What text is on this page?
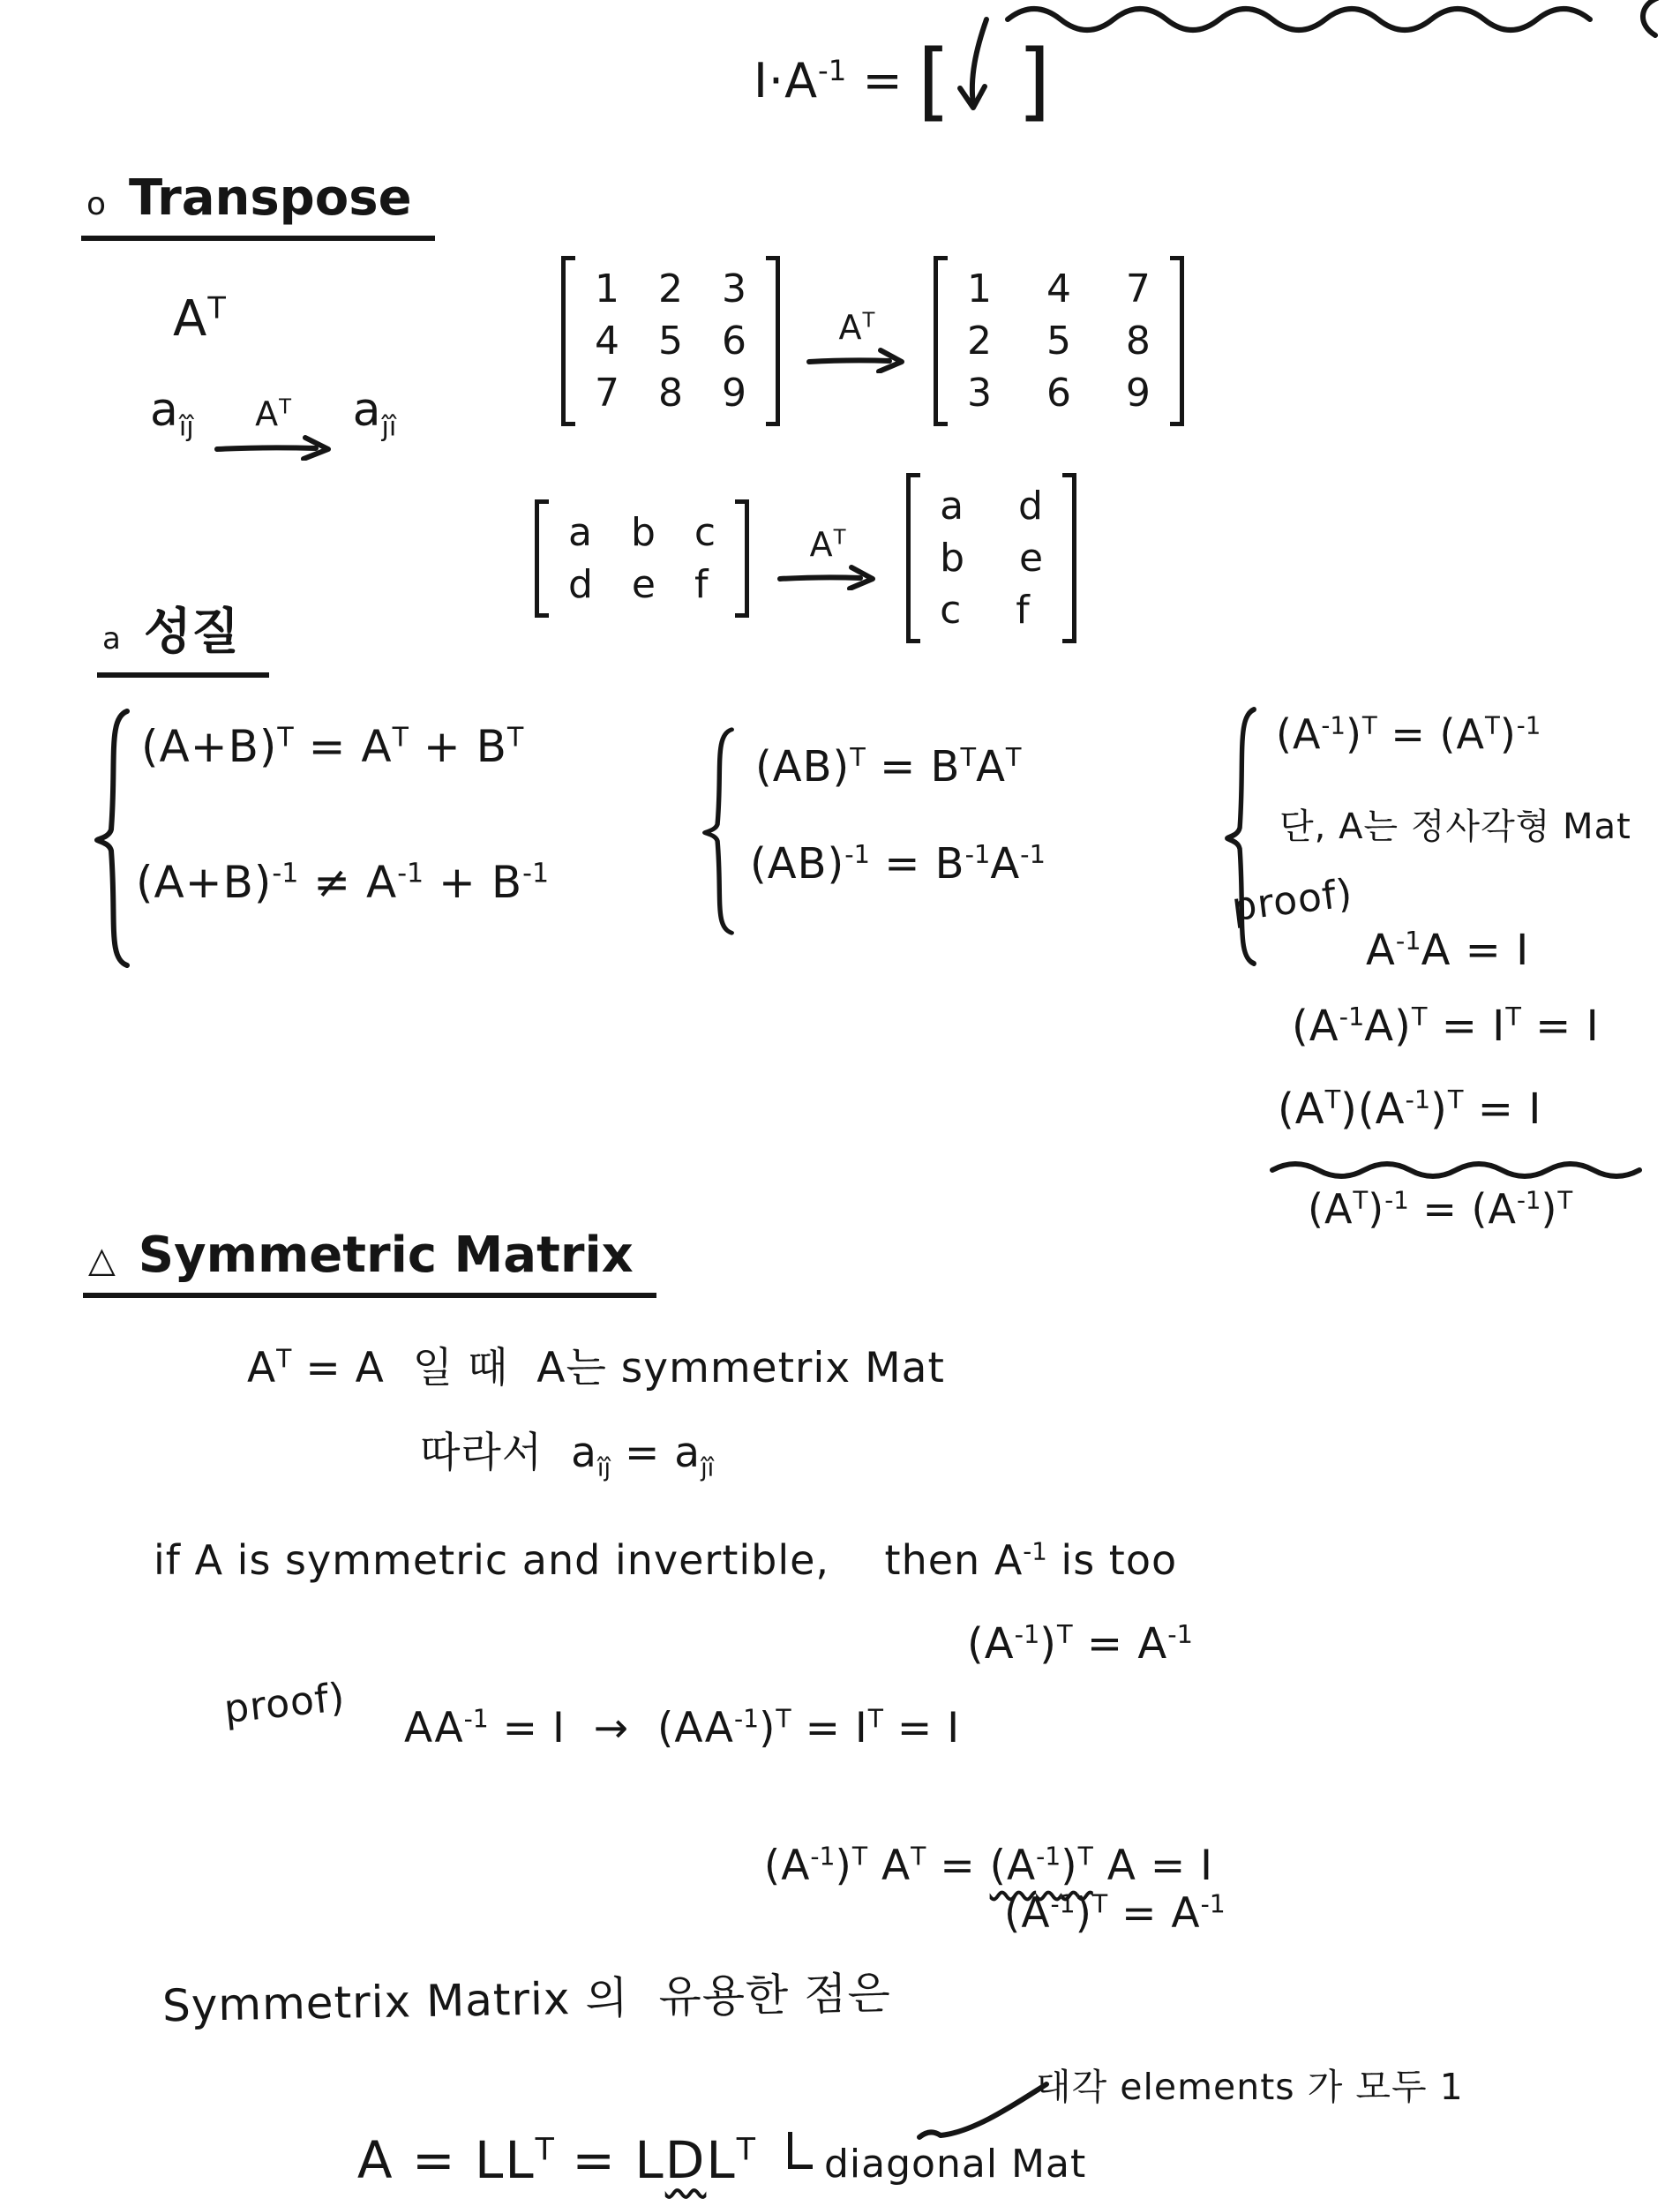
$I\cdot A^{-1}$ = [ ]
o Transpose
$A^T$
$a_{îĵ}$ $A^T$ $a_{ĵî}$
1 2 3
4 5 6
7 8 9
$A^T$
1 4 7
2 5 8
3 6 9
a b c
d e f
$A^T$
a d
b e
c f
a 성질
$(A+B)^T = A^T + B^T$
$(A+B)^{-1} \ne A^{-1} + B^{-1}$
$(AB)^T = B^TA^T$
$(AB)^{-1} = B^{-1}A^{-1}$
$(A^{-1})^T = (A^T)^{-1}$
단, A는 정사각형 Mat
proof)
$A^{-1}A = I$
$(A^{-1}A)^T = I^T = I$
$(A^T)(A^{-1})^T = I$
$(A^T)^{-1} = (A^{-1})^T$
△ Symmetric Matrix
$A^T = A$  일 때  A는 symmetrix Mat
따라서  $a_{îĵ} = a_{ĵî}$
if A is symmetric and invertible,    then $A^{-1}$ is too
$(A^{-1})^T = A^{-1}$
proof) $AA^{-1} = I \to (AA^{-1})^T = I^T = I$

$(A^{-1})^T$ $A^T = (A^{-1})^T$ A = I

$(A^{-1})^T = A^{-1}$
Symmetrix Matrix 의  유용한 점은

$A = LL^T = LDL^T$

대각 elements 가 모두 1
diagonal Mat
